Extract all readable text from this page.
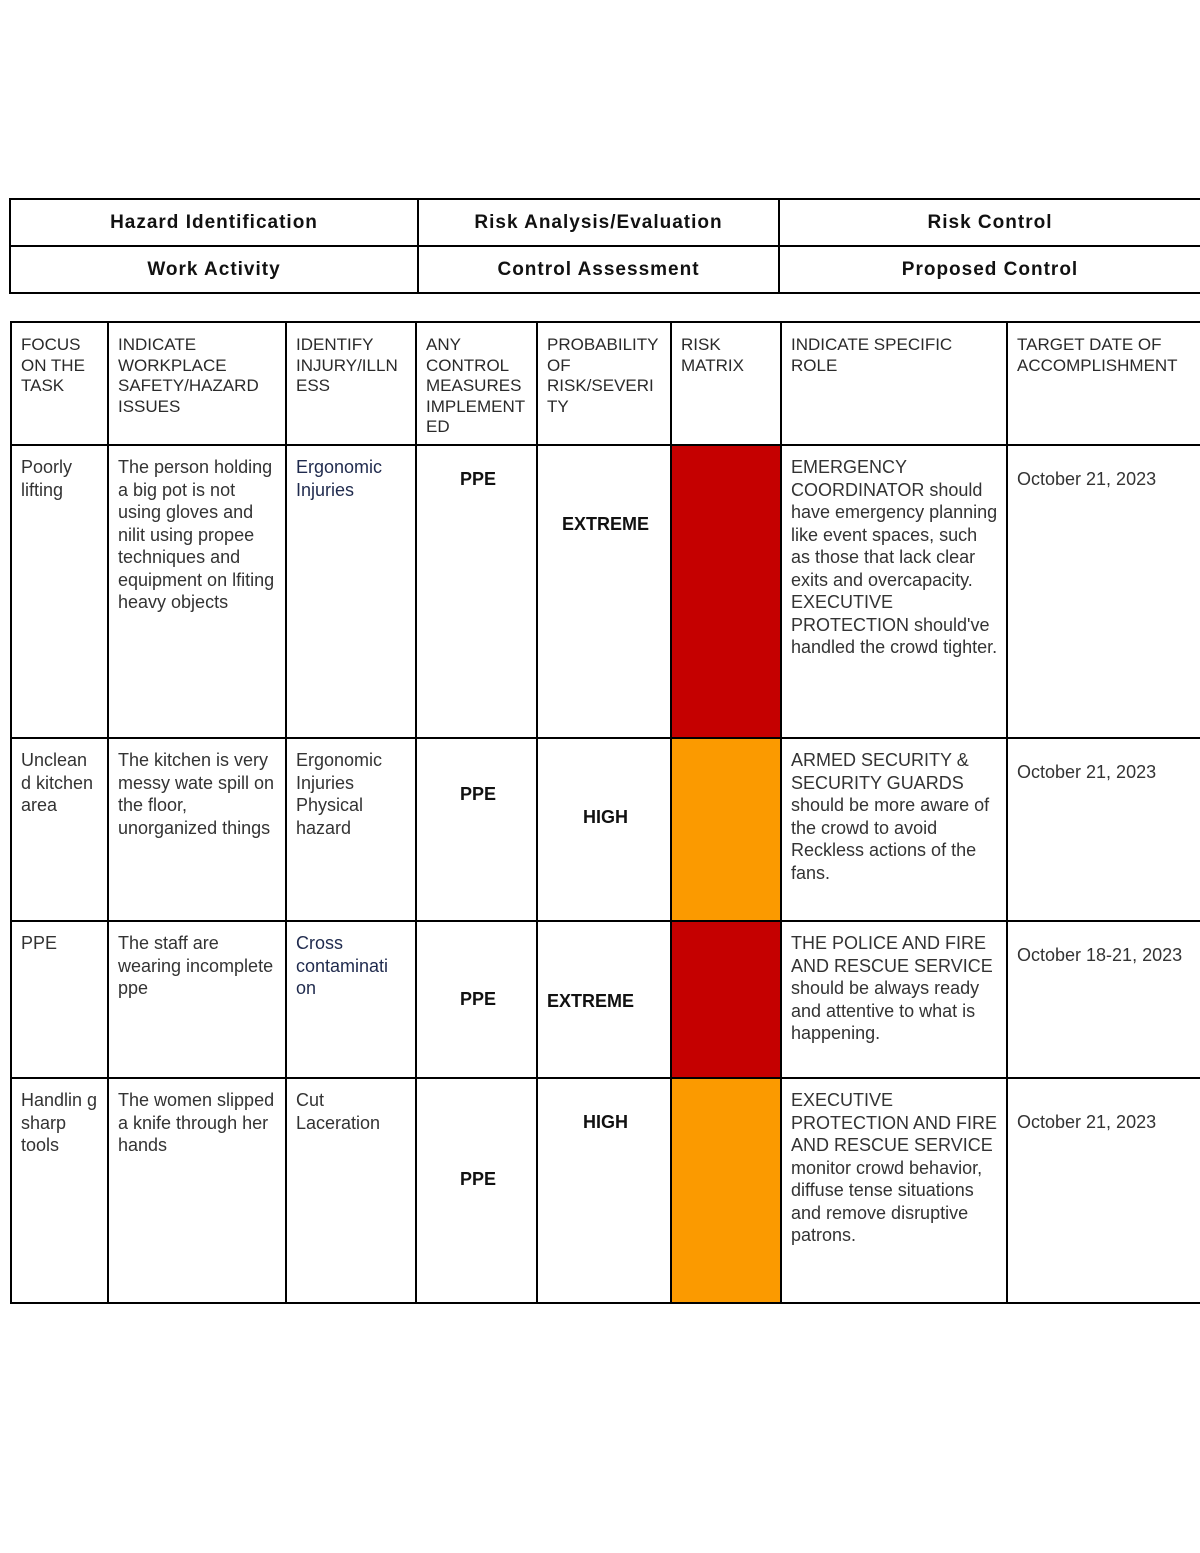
Hazard Identification	Risk Analysis/Evaluation	Risk Control
Work Activity	Control Assessment	Proposed Control
FOCUS ON THE TASK	INDICATE WORKPLACE SAFETY/HAZARD ISSUES	IDENTIFY INJURY/ILLNESS	ANY CONTROL MEASURES IMPLEMENTED	PROBABILITY OF RISK/SEVERITY	RISK MATRIX	INDICATE SPECIFIC ROLE	TARGET DATE OF ACCOMPLISHMENT
Poorly lifting	The person holding a big pot is not using gloves and nilit using propee techniques and equipment on lfiting heavy objects	Ergonomic Injuries	PPE	EXTREME		EMERGENCY COORDINATOR should have emergency planning like event spaces, such as those that lack clear exits and overcapacity. EXECUTIVE PROTECTION should've handled the crowd tighter.	October 21, 2023

Unclean d kitchen area	The kitchen is very messy wate spill on the floor, unorganized things	Ergonomic Injuries Physical hazard	PPE	HIGH		ARMED SECURITY & SECURITY GUARDS should be more aware of the crowd to avoid Reckless actions of the fans.	October 21, 2023

PPE	The staff are wearing incomplete ppe	Cross contaminati on	PPE	EXTREME		THE POLICE AND FIRE AND RESCUE SERVICE should be always ready and attentive to what is happening.	October 18-21, 2023

Handlin g sharp tools	The women slipped a knife through her hands	Cut Laceration	PPE	HIGH		EXECUTIVE PROTECTION AND FIRE AND RESCUE SERVICE monitor crowd behavior, diffuse tense situations and remove disruptive patrons.	October 21, 2023
